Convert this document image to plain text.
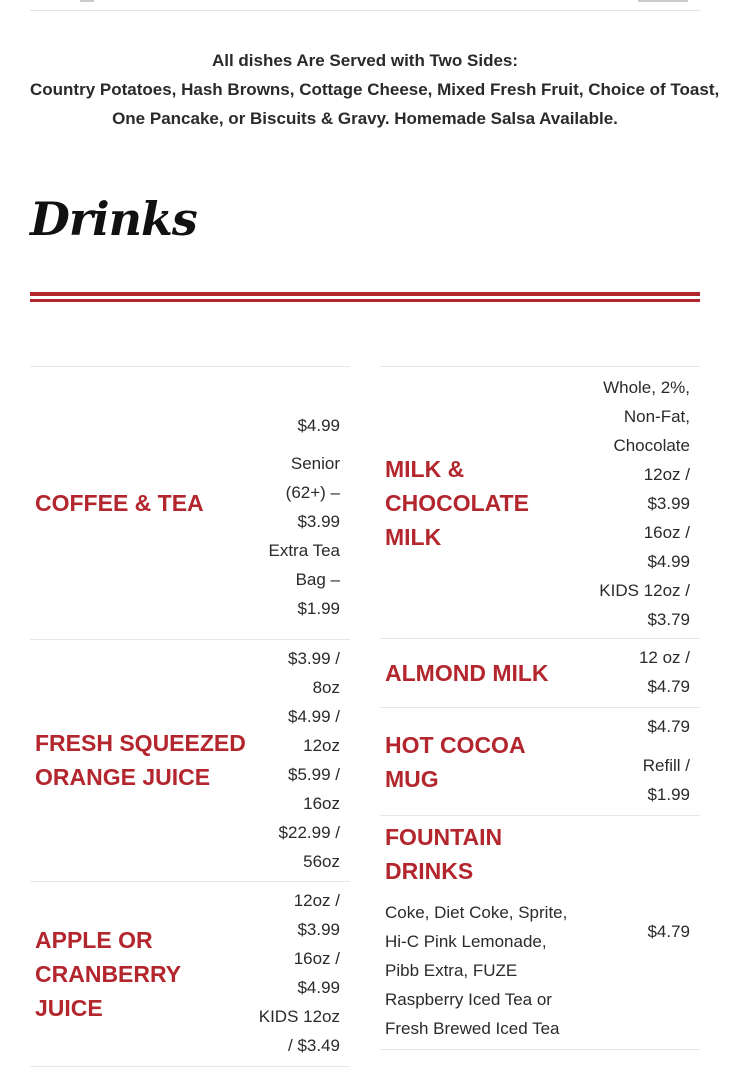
All dishes Are Served with Two Sides:
Country Potatoes, Hash Browns, Cottage Cheese, Mixed Fresh Fruit, Choice of Toast,
One Pancake, or Biscuits & Gravy. Homemade Salsa Available.
Drinks
COFFEE & TEA
$4.99
Senior (62+) – $3.99
Extra Tea Bag – $1.99
MILK & CHOCOLATE MILK
Whole, 2%, Non-Fat, Chocolate
12oz / $3.99
16oz / $4.99
KIDS 12oz / $3.79
FRESH SQUEEZED ORANGE JUICE
$3.99 / 8oz
$4.99 / 12oz
$5.99 / 16oz
$22.99 / 56oz
ALMOND MILK
12 oz / $4.79
HOT COCOA MUG
$4.79
Refill / $1.99
APPLE OR CRANBERRY JUICE
12oz / $3.99
16oz / $4.99
KIDS 12oz / $3.49
FOUNTAIN DRINKS
Coke, Diet Coke, Sprite, Hi-C Pink Lemonade, Pibb Extra, FUZE Raspberry Iced Tea or Fresh Brewed Iced Tea
$4.79
